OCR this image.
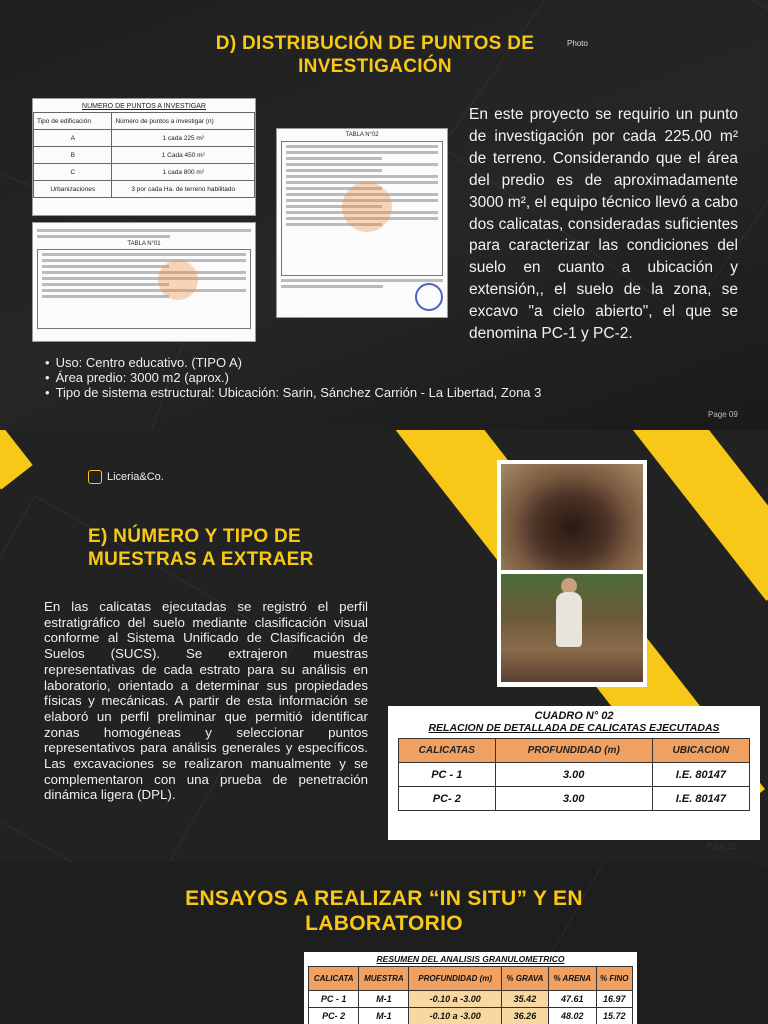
D) DISTRIBUCIÓN DE PUNTOS DE
INVESTIGACIÓN
Photo
NUMERO DE PUNTOS A INVESTIGAR
Tipo de edificación	Número de puntos a investigar (n)
A	1 cada 225 m²
B	1 Cada 450 m²
C	1 cada 800 m²
Urbanizaciones	3 por cada Ha. de terreno habilitado
TABLA N°01
TABLA N°02

En este proyecto se requirio un punto de investigación por cada 225.00 m² de terreno. Considerando que el área del predio es de aproximadamente 3000 m², el equipo técnico llevó a cabo dos calicatas, consideradas suficientes para caracterizar las condiciones del suelo en cuanto a ubicación y extensión,, el suelo de la zona, se excavo "a cielo abierto", el que se denomina PC-1 y PC-2.

• Uso: Centro educativo. (TIPO A)
• Área predio: 3000 m2 (aprox.)
• Tipo de sistema estructural: Ubicación: Sarin, Sánchez Carrión - La Libertad, Zona 3
Page 09
Liceria&Co.
E) NÚMERO Y TIPO DE
MUESTRAS A EXTRAER

En las calicatas ejecutadas se registró el perfil estratigráfico del suelo mediante clasificación visual conforme al Sistema Unificado de Clasificación de Suelos (SUCS). Se extrajeron muestras representativas de cada estrato para su análisis en laboratorio, orientado a determinar sus propiedades físicas y mecánicas. A partir de esta información se elaboró un perfil preliminar que permitió identificar zonas homogéneas y seleccionar puntos representativos para análisis generales y específicos. Las excavaciones se realizaron manualmente y se complementaron con una prueba de penetración dinámica ligera (DPL).

CUADRO N° 02
RELACION DE DETALLADA DE CALICATAS EJECUTADAS
CALICATAS	PROFUNDIDAD (m)	UBICACION
PC - 1	3.00	I.E. 80147
PC- 2	3.00	I.E. 80147
Page 10
ENSAYOS A REALIZAR “IN SITU” Y EN
LABORATORIO
RESUMEN DEL ANALISIS GRANULOMETRICO
CALICATA	MUESTRA	PROFUNDIDAD (m)	% GRAVA	% ARENA	% FINO
PC - 1	M-1	-0.10 a -3.00	35.42	47.61	16.97
PC- 2	M-1	-0.10 a -3.00	36.26	48.02	15.72
